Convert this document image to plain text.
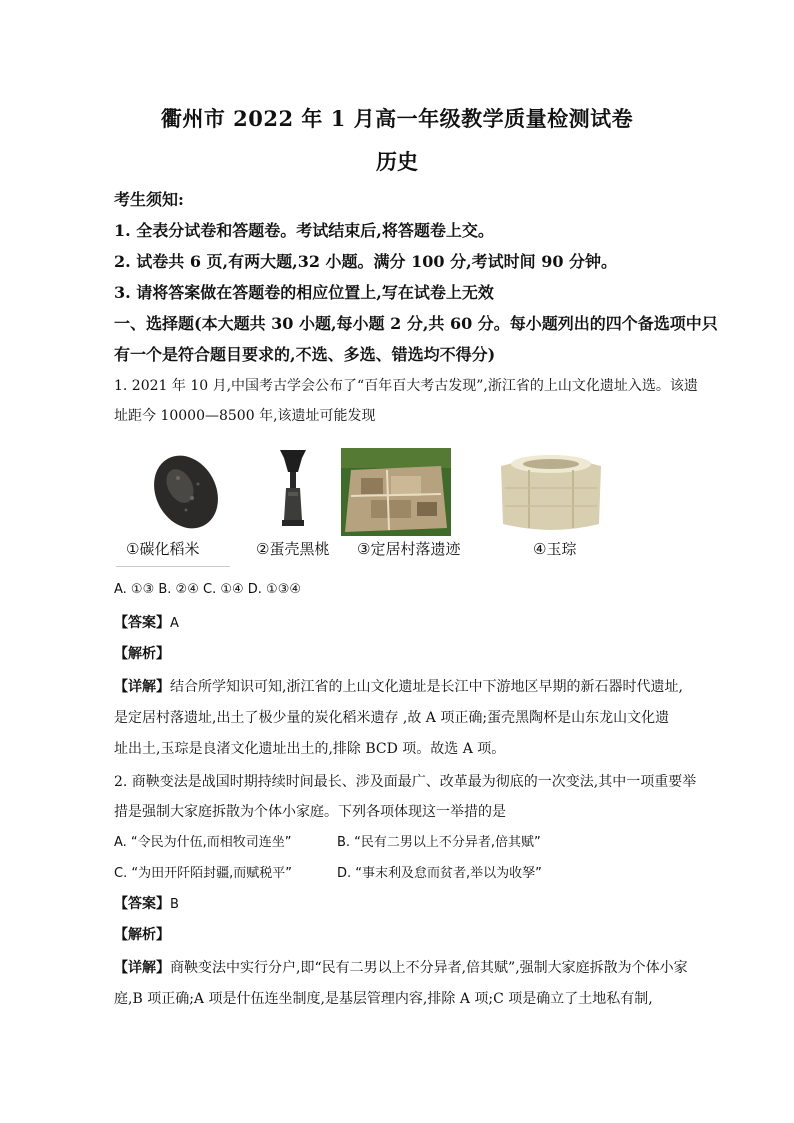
衢州市 2022 年 1 月高一年级教学质量检测试卷
历史
考生须知:
1. 全表分试卷和答题卷。考试结束后,将答题卷上交。
2. 试卷共 6 页,有两大题,32 小题。满分 100 分,考试时间 90 分钟。
3. 请将答案做在答题卷的相应位置上,写在试卷上无效
一、选择题(本大题共 30 小题,每小题 2 分,共 60 分。每小题列出的四个备选项中只
有一个是符合题目要求的,不选、多选、错选均不得分)
1. 2021 年 10 月,中国考古学会公布了“百年百大考古发现”,浙江省的上山文化遗址入选。该遗
址距今 10000—8500 年,该遗址可能发现
①碳化稻米	②蛋壳黑桃 ③定居村落遗迹	④玉琮
A. ①③ B. ②④ C. ①④ D. ①③④
【答案】A
【解析】
【详解】结合所学知识可知,浙江省的上山文化遗址是长江中下游地区早期的新石器时代遗址,
是定居村落遗址,出土了极少量的炭化稻米遗存 ,故 A 项正确;蛋壳黑陶杯是山东龙山文化遗
址出土,玉琮是良渚文化遗址出土的,排除 BCD 项。故选 A 项。
2. 商鞅变法是战国时期持续时间最长、涉及面最广、改革最为彻底的一次变法,其中一项重要举
措是强制大家庭拆散为个体小家庭。下列各项体现这一举措的是
A. “令民为什伍,而相牧司连坐”	B. “民有二男以上不分异者,倍其赋”
C. “为田开阡陌封疆,而赋税平”	D. “事末利及怠而贫者,举以为收孥”
【答案】B
【解析】
【详解】商鞅变法中实行分户,即“民有二男以上不分异者,倍其赋”,强制大家庭拆散为个体小家
庭,B 项正确;A 项是什伍连坐制度,是基层管理内容,排除 A 项;C 项是确立了土地私有制,
